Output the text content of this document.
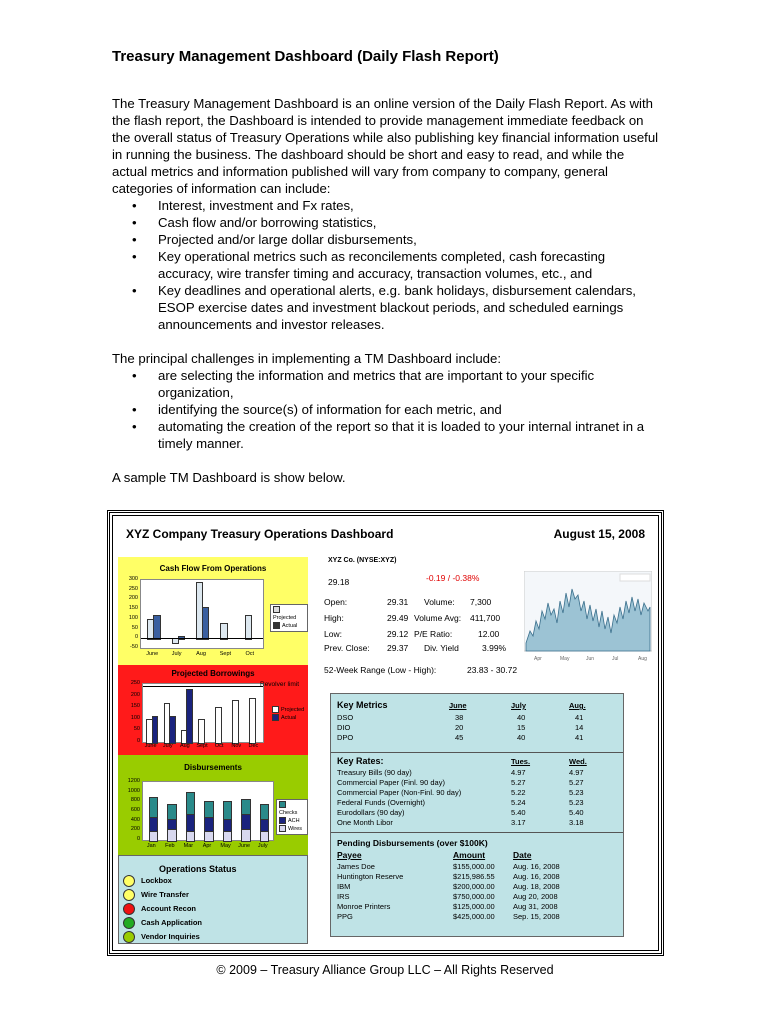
Treasury Management Dashboard (Daily Flash Report)

The Treasury Management Dashboard is an online version of the Daily Flash Report. As with the flash report, the Dashboard is intended to provide management immediate feedback on the overall status of Treasury Operations while also publishing key financial information useful in running the business. The dashboard should be short and easy to read, and while the actual metrics and information published will vary from company to company, general categories of information can include:

• Interest, investment and Fx rates,
• Cash flow and/or borrowing statistics,
• Projected and/or large dollar disbursements,
• Key operational metrics such as reconcilements completed, cash forecasting accuracy, wire transfer timing and accuracy, transaction volumes, etc., and
• Key deadlines and operational alerts, e.g. bank holidays, disbursement calendars, ESOP exercise dates and investment blackout periods, and scheduled earnings announcements and investor releases.

The principal challenges in implementing a TM Dashboard include:

• are selecting the information and metrics that are important to your specific organization,
• identifying the source(s) of information for each metric, and
• automating the creation of the report so that it is loaded to your internal intranet in a timely manner.

A sample TM Dashboard is show below.

XYZ Company Treasury Operations Dashboard	August 15, 2008
Cash Flow From Operations
300
250
200
150
100
50
0
-50
June	July	Aug	Sept	Oct
Projected
Actual
Projected Borrowings
250
200
150
100
50
0
June	July	Aug	Sept	Oct	Nov	Dec
Revolver limit
Projected
Actual
Disbursements
1200
1000
800
600
400
200
0
Jan	Feb	Mar	Apr	May	June	July
Checks
ACH
Wires
Operations Status
Lockbox
Wire Transfer
Account Recon
Cash Application
Vendor Inquiries
XYZ Co. (NYSE:XYZ)
29.18	-0.19 / -0.38%
Open:	29.31 Volume: 7,300
High:	29.49 Volume Avg: 411,700
Low:	29.12 P/E Ratio:	12.00
Prev. Close: 29.37 Div. Yield	3.99%
52-Week Range (Low - High):	23.83 - 30.72
Apr	May	Jun	Jul	Aug
Key Metrics	June	July	Aug.
DSO	38	40	41
DIO	20	15	14
DPO	45	40	41
Key Rates:	Tues.	Wed.
Treasury Bills (90 day)	4.97	4.97
Commercial Paper (Finl. 90 day)	5.27	5.27
Commercial Paper (Non-Finl. 90 day)	5.22	5.23
Federal Funds (Overnight)	5.24	5.23
Eurodollars (90 day)	5.40	5.40
One Month Libor	3.17	3.18
Pending Disbursements (over $100K)
Payee	Amount	Date
James Doe	$155,000.00 Aug. 16, 2008
Huntington Reserve	$215,986.55 Aug. 16, 2008
IBM	$200,000.00 Aug. 18, 2008
IRS	$750,000.00 Aug 20, 2008
Monroe Printers	$125,000.00 Aug 31, 2008
PPG	$425,000.00 Sep. 15, 2008
© 2009 – Treasury Alliance Group LLC – All Rights Reserved
